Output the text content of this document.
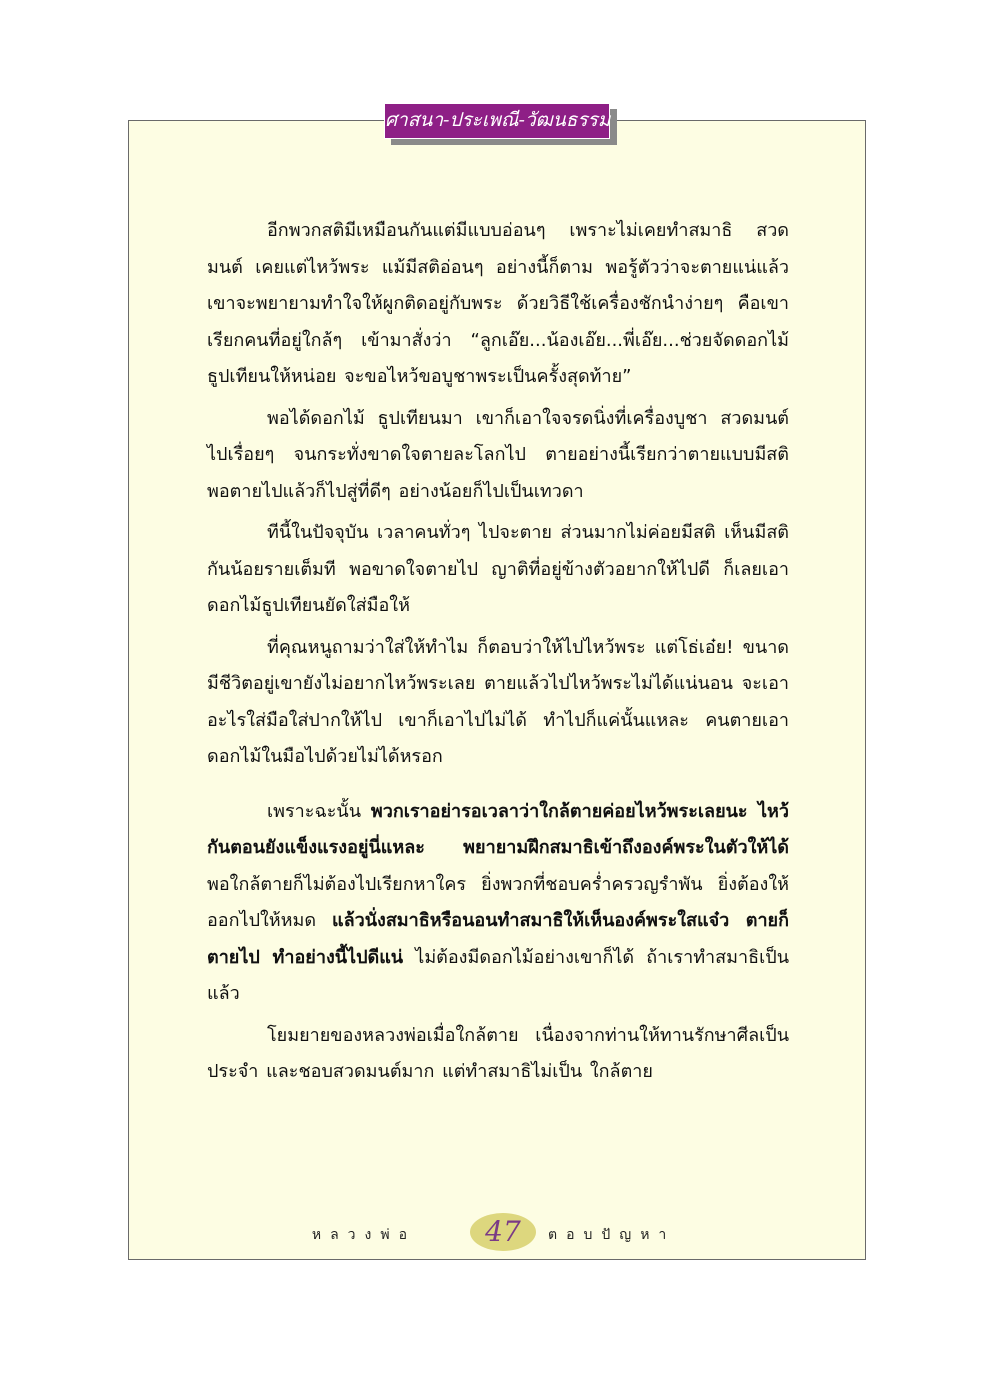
ศาสนา-ประเพณี-วัฒนธรรม

อีกพวกสติมีเหมือนกันแต่มีแบบอ่อนๆ เพราะไม่เคยทำสมาธิ สวดมนต์ เคยแต่ไหว้พระ แม้มีสติอ่อนๆ อย่างนี้ก็ตาม พอรู้ตัวว่าจะตายแน่แล้วเขาจะพยายามทำใจให้ผูกติดอยู่กับพระ ด้วยวิธีใช้เครื่องชักนำง่ายๆ คือเขาเรียกคนที่อยู่ใกล้ๆ เข้ามาสั่งว่า “ลูกเอ๊ย...น้องเอ๊ย...พี่เอ๊ย...ช่วยจัดดอกไม้ธูปเทียนให้หน่อย จะขอไหว้ขอบูชาพระเป็นครั้งสุดท้าย”

พอได้ดอกไม้ ธูปเทียนมา เขาก็เอาใจจรดนิ่งที่เครื่องบูชา สวดมนต์ไปเรื่อยๆ จนกระทั่งขาดใจตายละโลกไป ตายอย่างนี้เรียกว่าตายแบบมีสติ พอตายไปแล้วก็ไปสู่ที่ดีๆ อย่างน้อยก็ไปเป็นเทวดา

ทีนี้ในปัจจุบัน เวลาคนทั่วๆ ไปจะตาย ส่วนมากไม่ค่อยมีสติ เห็นมีสติกันน้อยรายเต็มที พอขาดใจตายไป ญาติที่อยู่ข้างตัวอยากให้ไปดี ก็เลยเอาดอกไม้ธูปเทียนยัดใส่มือให้

ที่คุณหนูถามว่าใส่ให้ทำไม ก็ตอบว่าให้ไปไหว้พระ แต่โธ่เอ๋ย! ขนาดมีชีวิตอยู่เขายังไม่อยากไหว้พระเลย ตายแล้วไปไหว้พระไม่ได้แน่นอน จะเอาอะไรใส่มือใส่ปากให้ไป เขาก็เอาไปไม่ได้ ทำไปก็แค่นั้นแหละ คนตายเอาดอกไม้ในมือไปด้วยไม่ได้หรอก

เพราะฉะนั้น พวกเราอย่ารอเวลาว่าใกล้ตายค่อยไหว้พระเลยนะ ไหว้กันตอนยังแข็งแรงอยู่นี่แหละ พยายามฝึกสมาธิเข้าถึงองค์พระในตัวให้ได้ พอใกล้ตายก็ไม่ต้องไปเรียกหาใคร ยิ่งพวกที่ชอบคร่ำครวญรำพัน ยิ่งต้องให้ออกไปให้หมด แล้วนั่งสมาธิหรือนอนทำสมาธิให้เห็นองค์พระใสแจ๋ว ตายก็ตายไป ทำอย่างนี้ไปดีแน่ ไม่ต้องมีดอกไม้อย่างเขาก็ได้ ถ้าเราทำสมาธิเป็นแล้ว

โยมยายของหลวงพ่อเมื่อใกล้ตาย เนื่องจากท่านให้ทานรักษาศีลเป็นประจำ และชอบสวดมนต์มาก แต่ทำสมาธิไม่เป็น ใกล้ตาย

หลวงพ่อ	47	ตอบปัญหา
